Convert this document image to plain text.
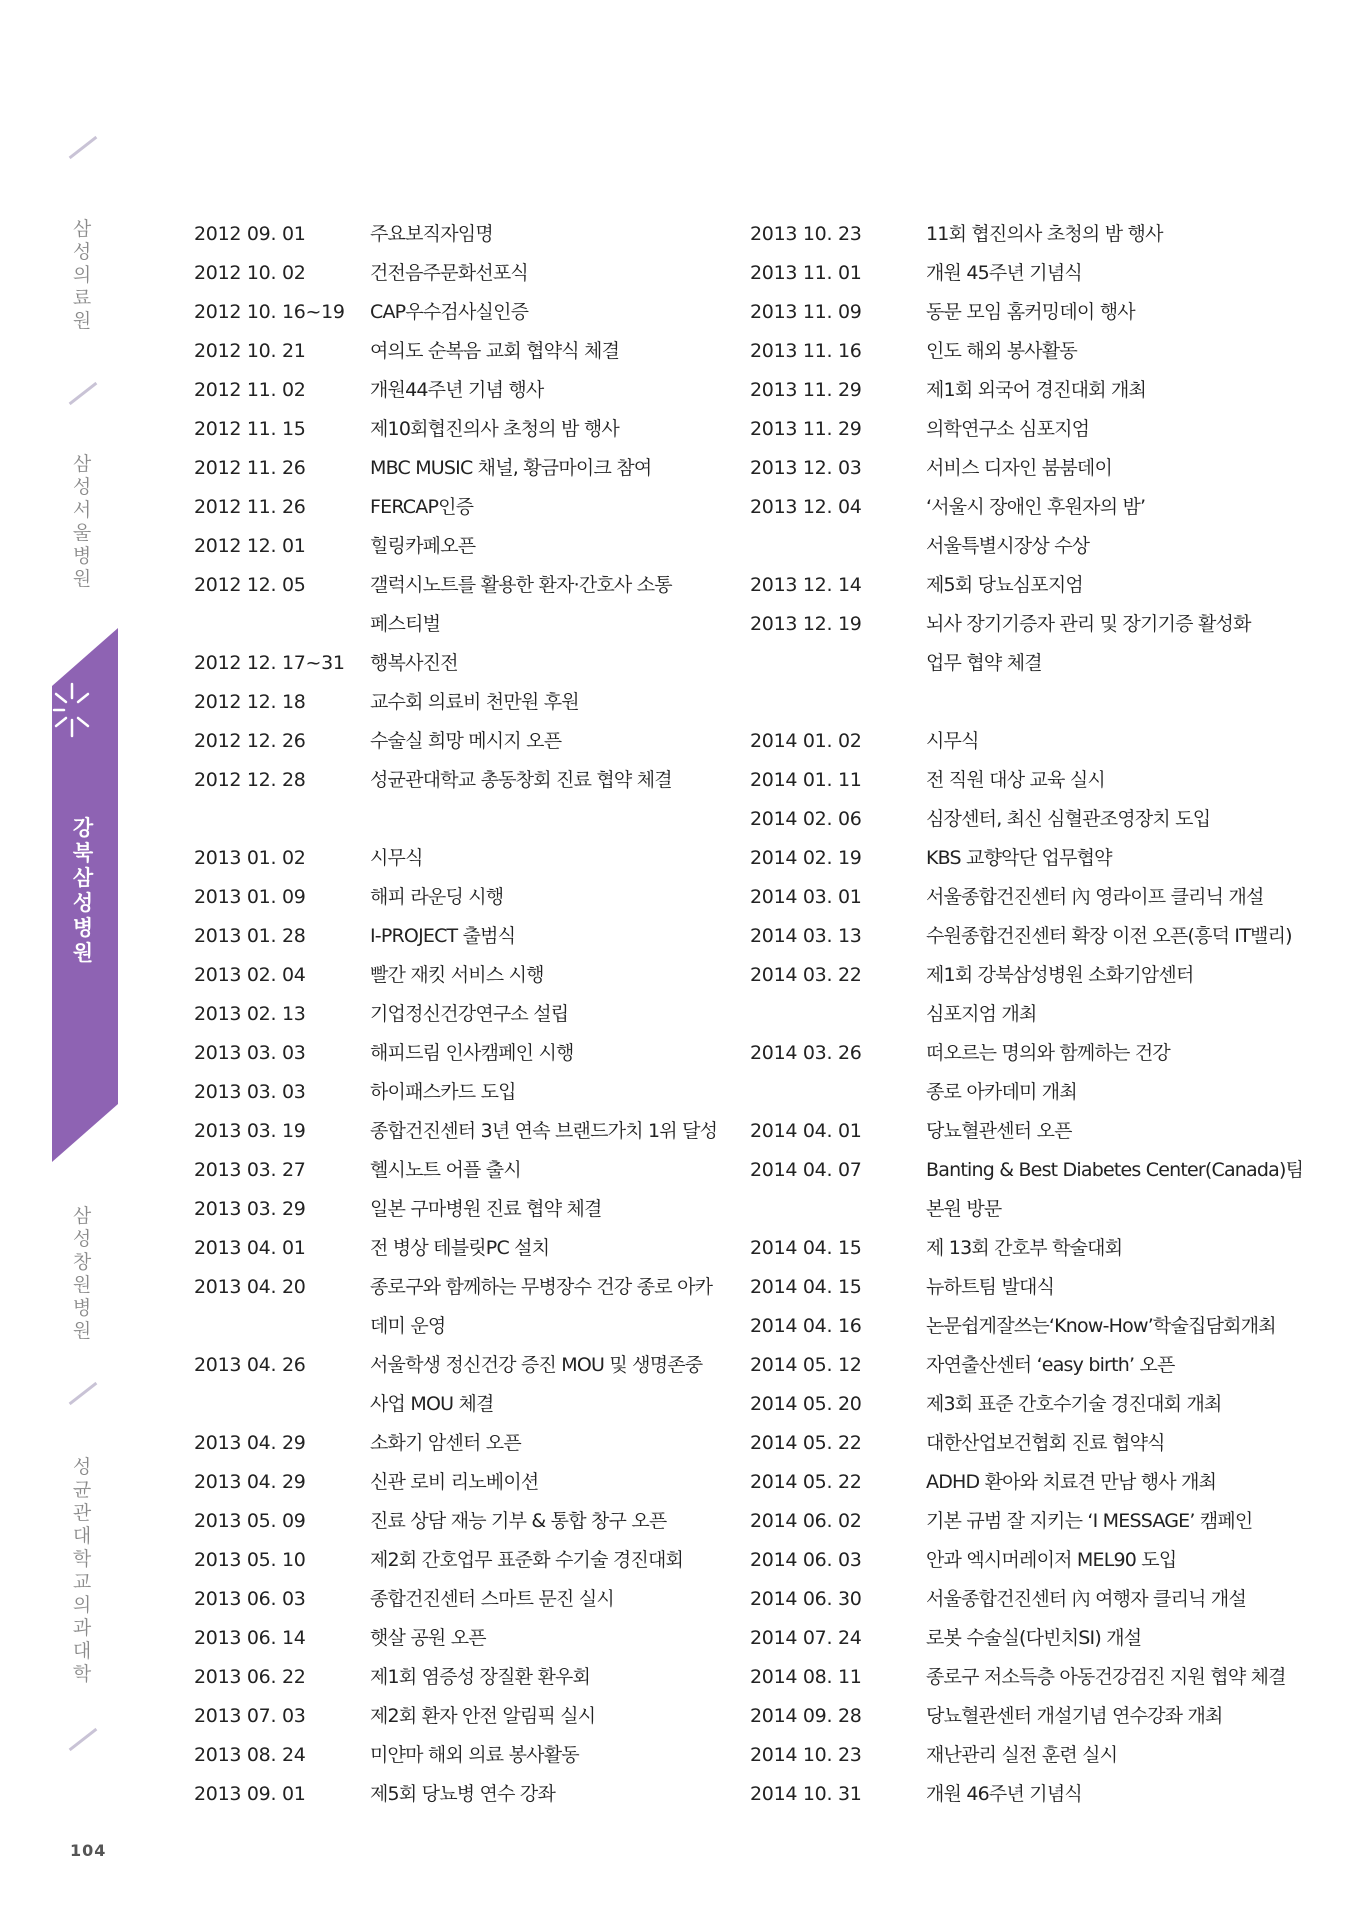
삼성의료원
삼성서울병원
강북삼성병원
삼성창원병원
성균관대학교 의과대학
104
2012 09. 01	주요보직자임명
2012 10. 02	건전음주문화선포식
2012 10. 16~19	CAP우수검사실인증
2012 10. 21	여의도 순복음 교회 협약식 체결
2012 11. 02	개원44주년 기념 행사
2012 11. 15	제10회협진의사 초청의 밤 행사
2012 11. 26	MBC MUSIC 채널, 황금마이크 참여
2012 11. 26	FERCAP인증
2012 12. 01	힐링카페오픈
2012 12. 05	갤럭시노트를 활용한 환자·간호사 소통
페스티벌
2012 12. 17~31	행복사진전
2012 12. 18	교수회 의료비 천만원 후원
2012 12. 26	수술실 희망 메시지 오픈
2012 12. 28	성균관대학교 총동창회 진료 협약 체결
2013 01. 02	시무식
2013 01. 09	해피 라운딩 시행
2013 01. 28	I-PROJECT 출범식
2013 02. 04	빨간 재킷 서비스 시행
2013 02. 13	기업정신건강연구소 설립
2013 03. 03	해피드림 인사캠페인 시행
2013 03. 03	하이패스카드 도입
2013 03. 19	종합건진센터 3년 연속 브랜드가치 1위 달성
2013 03. 27	헬시노트 어플 출시
2013 03. 29	일본 구마병원 진료 협약 체결
2013 04. 01	전 병상 테블릿PC 설치
2013 04. 20	종로구와 함께하는 무병장수 건강 종로 아카
데미 운영
2013 04. 26	서울학생 정신건강 증진 MOU 및 생명존중
사업 MOU 체결
2013 04. 29	소화기 암센터 오픈
2013 04. 29	신관 로비 리노베이션
2013 05. 09	진료 상담 재능 기부 & 통합 창구 오픈
2013 05. 10	제2회 간호업무 표준화 수기술 경진대회
2013 06. 03	종합건진센터 스마트 문진 실시
2013 06. 14	햇살 공원 오픈
2013 06. 22	제1회 염증성 장질환 환우회
2013 07. 03	제2회 환자 안전 알림픽 실시
2013 08. 24	미얀마 해외 의료 봉사활동
2013 09. 01	제5회 당뇨병 연수 강좌
2013 10. 23	11회 협진의사 초청의 밤 행사
2013 11. 01	개원 45주년 기념식
2013 11. 09	동문 모임 홈커밍데이 행사
2013 11. 16	인도 해외 봉사활동
2013 11. 29	제1회 외국어 경진대회 개최
2013 11. 29	의학연구소 심포지엄
2013 12. 03	서비스 디자인 붐붐데이
2013 12. 04	‘서울시 장애인 후원자의 밤’
서울특별시장상 수상
2013 12. 14	제5회 당뇨심포지엄
2013 12. 19	뇌사 장기기증자 관리 및 장기기증 활성화
업무 협약 체결
2014 01. 02	시무식
2014 01. 11	전 직원 대상 교육 실시
2014 02. 06	심장센터, 최신 심혈관조영장치 도입
2014 02. 19	KBS 교향악단 업무협약
2014 03. 01	서울종합건진센터 內 영라이프 클리닉 개설
2014 03. 13	수원종합건진센터 확장 이전 오픈(흥덕 IT밸리)
2014 03. 22	제1회 강북삼성병원 소화기암센터
심포지엄 개최
2014 03. 26	떠오르는 명의와 함께하는 건강
종로 아카데미 개최
2014 04. 01	당뇨혈관센터 오픈
2014 04. 07	Banting & Best Diabetes Center(Canada)팀
본원 방문
2014 04. 15	제 13회 간호부 학술대회
2014 04. 15	뉴하트팀 발대식
2014 04. 16	논문쉽게잘쓰는‘Know-How’학술집담회개최
2014 05. 12	자연출산센터 ‘easy birth’ 오픈
2014 05. 20	제3회 표준 간호수기술 경진대회 개최
2014 05. 22	대한산업보건협회 진료 협약식
2014 05. 22	ADHD 환아와 치료견 만남 행사 개최
2014 06. 02	기본 규범 잘 지키는 ‘I MESSAGE’ 캠페인
2014 06. 03	안과 엑시머레이저 MEL90 도입
2014 06. 30	서울종합건진센터 內 여행자 클리닉 개설
2014 07. 24	로봇 수술실(다빈치SI) 개설
2014 08. 11	종로구 저소득층 아동건강검진 지원 협약 체결
2014 09. 28	당뇨혈관센터 개설기념 연수강좌 개최
2014 10. 23	재난관리 실전 훈련 실시
2014 10. 31	개원 46주년 기념식
